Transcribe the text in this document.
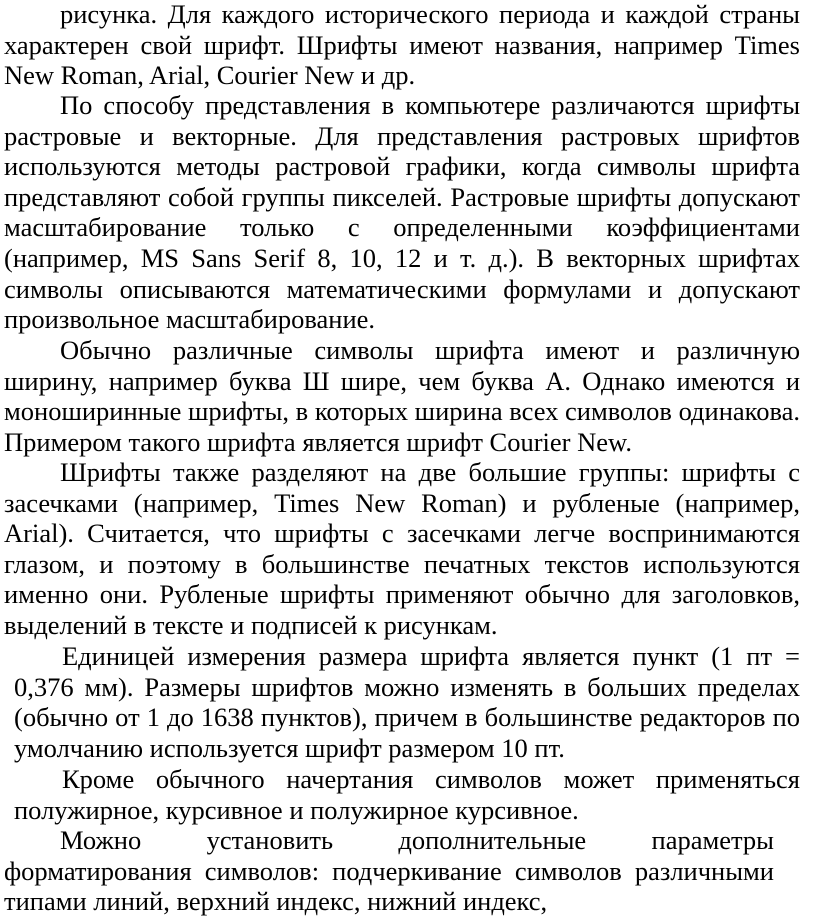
рисунка. Для каждого исторического периода и каждой страны характерен свой шрифт. Шрифты имеют названия, например Times New Roman, Arial, Courier New и др.

По способу представления в компьютере различаются шрифты растровые и векторные. Для представления растровых шрифтов используются методы растровой графики, когда символы шрифта представляют собой группы пикселей. Растровые шрифты допускают масштабирование только с определенными коэффициентами (например, MS Sans Serif 8, 10, 12 и т. д.). В векторных шрифтах символы описываются математическими формулами и допускают произвольное масштабирование.

Обычно различные символы шрифта имеют и различную ширину, например буква Ш шире, чем буква А. Однако имеются и моноширинные шрифты, в которых ширина всех символов одинакова. Примером такого шрифта является шрифт Courier New.

Шрифты также разделяют на две большие группы: шрифты с засечками (например, Times New Roman) и рубленые (например, Arial). Считается, что шрифты с засечками легче воспринимаются глазом, и поэтому в большинстве печатных текстов используются именно они. Рубленые шрифты применяют обычно для заголовков, выделений в тексте и подписей к рисункам.

Единицей измерения размера шрифта является пункт (1 пт = 0,376 мм). Размеры шрифтов можно изменять в больших пределах (обычно от 1 до 1638 пунктов), причем в большинстве редакторов по умолчанию используется шрифт размером 10 пт.

Кроме обычного начертания символов может применяться полужирное, курсивное и полужирное курсивное.

Можно установить дополнительные параметры форматирования символов: подчеркивание символов различными типами линий, верхний индекс, нижний индекс,
